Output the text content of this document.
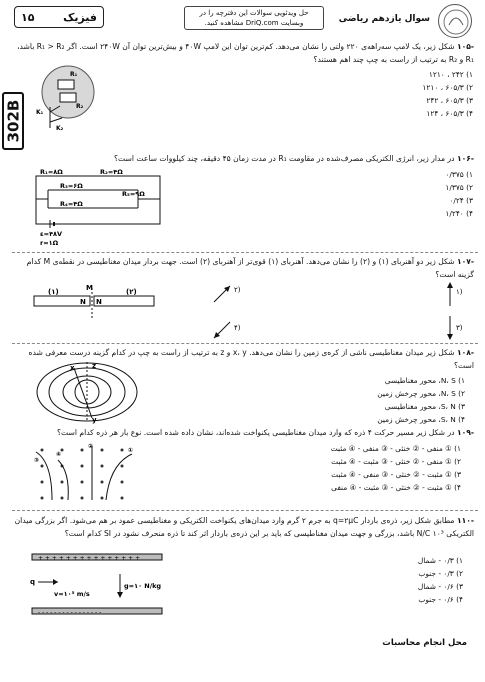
۱۵	فیزیک	حل ویدئویی سوالات این دفترچه را در
وبسایت DriQ.com مشاهده کنید.	سوال یازدهم ریاضی
302B
-۱۰۵ شکل زیر، یک لامپ سه‌راهه‌ی ۲۲۰ ولتی را نشان می‌دهد. کم‌ترین توان این لامپ ۴۰W و بیش‌ترین توان آن ۲۴۰W است. اگر R₁ > R₂ باشد، R₁ و R₂ به ترتیب از راست به چپ چند اهم هستند؟
R₁
R₂
K₁
K₂
۱) ۲۴۲ ، ۱۲۱۰
۲) ۶۰۵/۳ ، ۱۲۱۰
۳) ۶۰۵/۳ ، ۲۴۲
۴) ۶۰۵/۳ ، ۱۲۴
-۱۰۶ در مدار زیر، انرژی الکتریکی مصرف‌شده در مقاومت R₁ در مدت زمان ۴۵ دقیقه، چند کیلووات ساعت است؟
R₁=۸Ω	R₂=۴Ω
R₃=۶Ω
R₄=۴Ω
R₅=۹Ω
ε=۴۸V
r=۱Ω
۱) ۰/۳۷۵
۲) ۱/۳۷۵
۳) ۰/۲۴
۴) ۱/۲۴۰
-۱۰۷ شکل زیر دو آهنربای (۱) و (۲) را نشان می‌دهد. آهنربای (۱) قوی‌تر از آهنربای (۲) است. جهت بردار میدان مغناطیسی در نقطه‌ی M کدام گزینه است؟
(۱)	(۲)
M
N N
۲)
۴)
۱)
۳)
-۱۰۸ شکل زیر میدان مغناطیسی ناشی از کره‌ی زمین را نشان می‌دهد. x، y و z به ترتیب از راست به چپ در کدام گزینه درست معرفی شده است؟
x z
y
۱) N، S، محور مغناطیسی
۲) N، S، محور چرخش زمین
۳) S، N، محور مغناطیسی
۴) S، N، محور چرخش زمین
-۱۰۹ در شکل زیر مسیر حرکت ۴ ذره که وارد میدان مغناطیسی یکنواخت شده‌اند، نشان داده شده است. نوع بار هر ذره کدام است؟
③
②
①
④
۱) ① منفی - ② خنثی - ③ منفی - ④ مثبت
۲) ① منفی - ② خنثی - ③ مثبت - ④ مثبت
۳) ① مثبت - ② خنثی - ③ منفی - ④ مثبت
۴) ① مثبت - ② خنثی - ③ مثبت - ④ منفی
-۱۱۰ مطابق شکل زیر، ذره‌ی باردار q=۲μC به جرم ۲ گرم وارد میدان‌های یکنواخت الکتریکی و مغناطیسی عمود بر هم می‌شود. اگر بزرگی میدان الکتریکی ۱۰³ N/C باشد، بزرگی و جهت میدان مغناطیسی که باید بر این ذره‌ی باردار اثر کند تا ذره منحرف نشود در SI کدام است؟
+ + + + + + + + + + + + + + +
- - - - - - - - - - - - - - - -
q
v=۱۰⁵ m/s
g=۱۰ N/kg
۱) ۰/۳ - شمال
۲) ۰/۳ - جنوب
۳) ۰/۶ - شمال
۴) ۰/۶ - جنوب
محل انجام محاسبات
